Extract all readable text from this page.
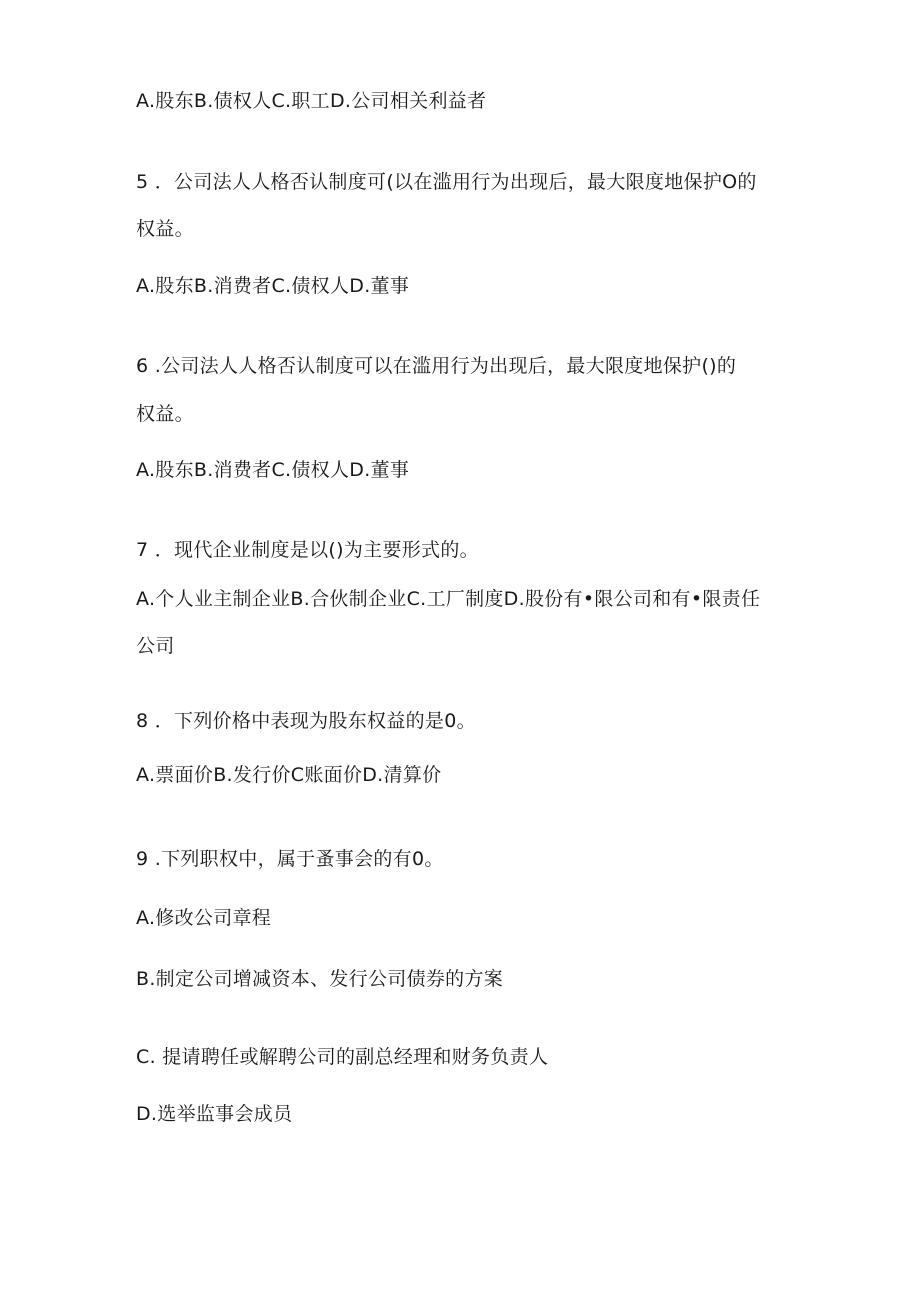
A.股东B.债权人C.职工D.公司相关利益者
5 ．公司法人人格否认制度可(以在滥用行为出现后，最大限度地保护O的
权益。
A.股东B.消费者C.债权人D.董事
6 .公司法人人格否认制度可以在滥用行为出现后，最大限度地保护()的
权益。
A.股东B.消费者C.债权人D.董事
7 ．现代企业制度是以()为主要形式的。
A.个人业主制企业B.合伙制企业C.工厂制度D.股份有•限公司和有•限责任
公司
8 ．下列价格中表现为股东权益的是0。
A.票面价B.发行价C账面价D.清算价
9 .下列职权中，属于蚤事会的有0。
A.修改公司章程
B.制定公司增减资本、发行公司债券的方案
C. 提请聘任或解聘公司的副总经理和财务负责人
D.选举监事会成员
